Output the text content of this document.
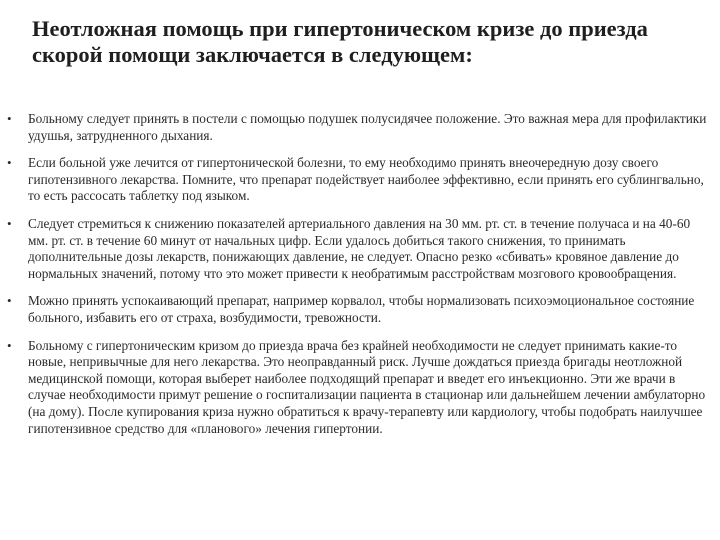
Неотложная помощь при гипертоническом кризе до приезда скорой помощи заключается в следующем:
• Больному следует принять в постели с помощью подушек полусидячее положение. Это важная мера для профилактики удушья, затрудненного дыхания.
• Если больной уже лечится от гипертонической болезни, то ему необходимо принять внеочередную дозу своего гипотензивного лекарства. Помните, что препарат подействует наиболее эффективно, если принять его сублингвально, то есть рассосать таблетку под языком.
• Следует стремиться к снижению показателей артериального давления на 30 мм. рт. ст. в течение получаса и на 40-60 мм. рт. ст. в течение 60 минут от начальных цифр. Если удалось добиться такого снижения, то принимать дополнительные дозы лекарств, понижающих давление, не следует. Опасно резко «сбивать» кровяное давление до нормальных значений, потому что это может привести к необратимым расстройствам мозгового кровообращения.
• Можно принять успокаивающий препарат, например корвалол, чтобы нормализовать психоэмоциональное состояние больного, избавить его от страха, возбудимости, тревожности.
• Больному с гипертоническим кризом до приезда врача без крайней необходимости не следует принимать какие-то новые, непривычные для него лекарства. Это неоправданный риск. Лучше дождаться приезда бригады неотложной медицинской помощи, которая выберет наиболее подходящий препарат и введет его инъекционно. Эти же врачи в случае необходимости примут решение о госпитализации пациента в стационар или дальнейшем лечении амбулаторно (на дому). После купирования криза нужно обратиться к врачу-терапевту или кардиологу, чтобы подобрать наилучшее гипотензивное средство для «планового» лечения гипертонии.
